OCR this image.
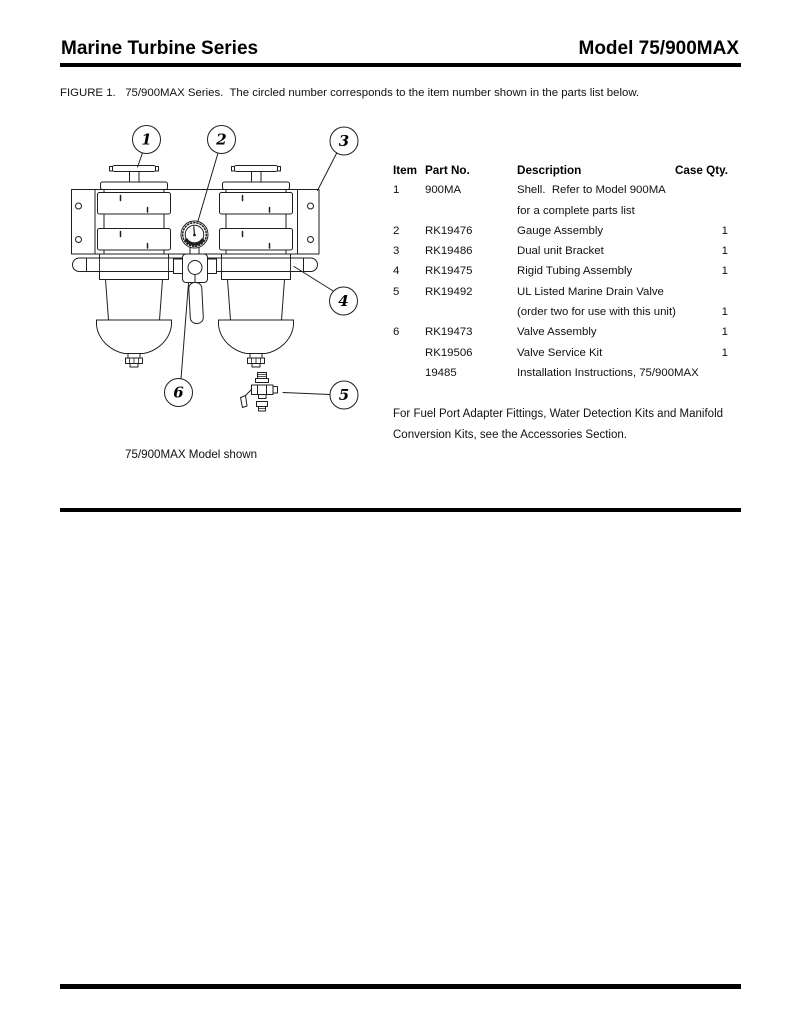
Marine Turbine Series	Model 75/900MAX
FIGURE 1.   75/900MAX Series.  The circled number corresponds to the item number shown in the parts list below.
1	2	3
4
5
6
75/900MAX Model shown
Item Part No.	Description	Case Qty.
1 900MA	Shell.  Refer to Model 900MA
for a complete parts list
2 RK19476	Gauge Assembly	1
3 RK19486	Dual unit Bracket	1
4 RK19475	Rigid Tubing Assembly	1
5 RK19492	UL Listed Marine Drain Valve
(order two for use with this unit)	1
6 RK19473	Valve Assembly	1
RK19506	Valve Service Kit	1
19485	Installation Instructions, 75/900MAX
For Fuel Port Adapter Fittings, Water Detection Kits and Manifold
Conversion Kits, see the Accessories Section.
